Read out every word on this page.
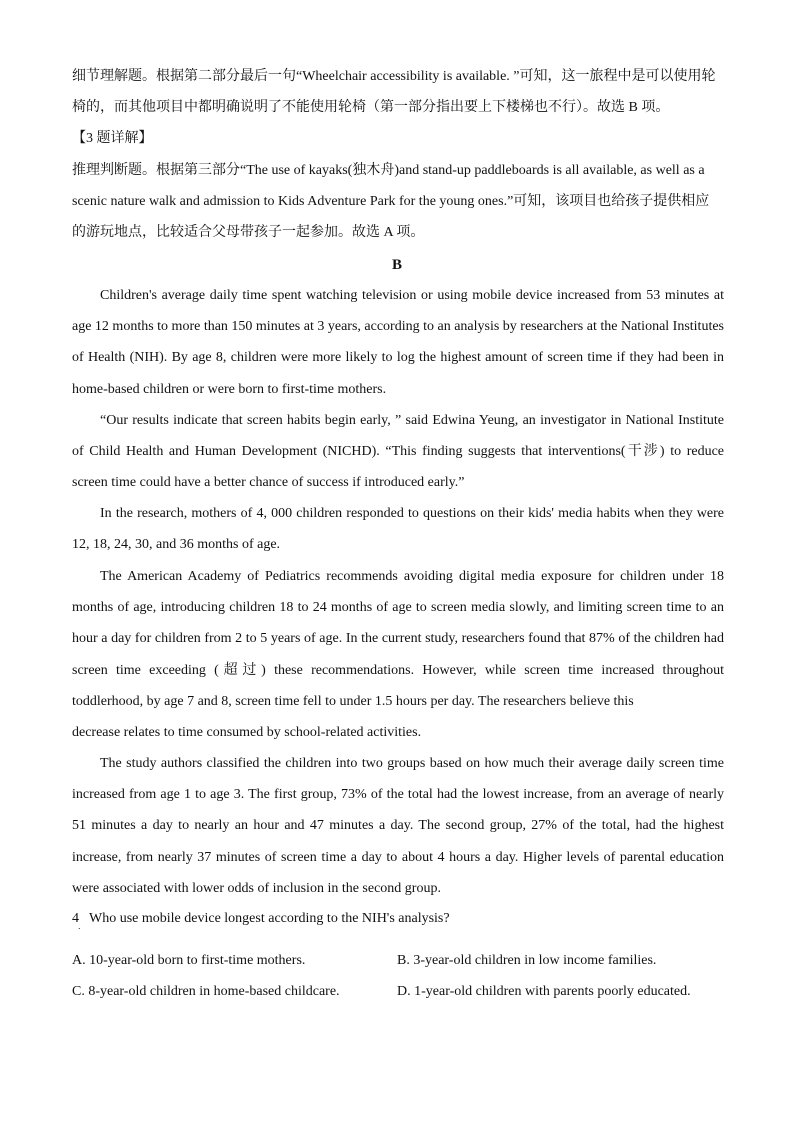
细节理解题。根据第二部分最后一句“Wheelchair accessibility is available. ”可知，这一旅程中是可以使用轮
椅的，而其他项目中都明确说明了不能使用轮椅（第一部分指出要上下楼梯也不行）。故选 B 项。
【3 题详解】
推理判断题。根据第三部分“The use of kayaks(独木舟)and stand-up paddleboards is all available, as well as a
scenic nature walk and admission to Kids Adventure Park for the young ones.”可知，该项目也给孩子提供相应
的游玩地点，比较适合父母带孩子一起参加。故选 A 项。
B
Children's average daily time spent watching television or using mobile device increased from 53 minutes at age 12 months to more than 150 minutes at 3 years, according to an analysis by researchers at the National Institutes of Health (NIH). By age 8, children were more likely to log the highest amount of screen time if they had been in home-based children or were born to first-time mothers.
“Our results indicate that screen habits begin early, ” said Edwina Yeung, an investigator in National Institute of Child Health and Human Development (NICHD). “This finding suggests that interventions(干涉) to reduce screen time could have a better chance of success if introduced early.”
In the research, mothers of 4, 000 children responded to questions on their kids' media habits when they were 12, 18, 24, 30, and 36 months of age.
The American Academy of Pediatrics recommends avoiding digital media exposure for children under 18 months of age, introducing children 18 to 24 months of age to screen media slowly, and limiting screen time to an hour a day for children from 2 to 5 years of age. In the current study, researchers found that 87% of the children had screen time exceeding (超过) these recommendations. However, while screen time increased throughout toddlerhood, by age 7 and 8, screen time fell to under 1.5 hours per day. The researchers believe this
decrease relates to time consumed by school-related activities.
The study authors classified the children into two groups based on how much their average daily screen time increased from age 1 to age 3. The first group, 73% of the total had the lowest increase, from an average of nearly 51 minutes a day to nearly an hour and 47 minutes a day. The second group, 27% of the total, had the highest increase, from nearly 37 minutes of screen time a day to about 4 hours a day. Higher levels of parental education were associated with lower odds of inclusion in the second group.
4
．
Who use mobile device longest according to the NIH's analysis?
A. 10-year-old born to first-time mothers.	B. 3-year-old children in low income families.
C. 8-year-old children in home-based childcare.	D. 1-year-old children with parents poorly educated.
